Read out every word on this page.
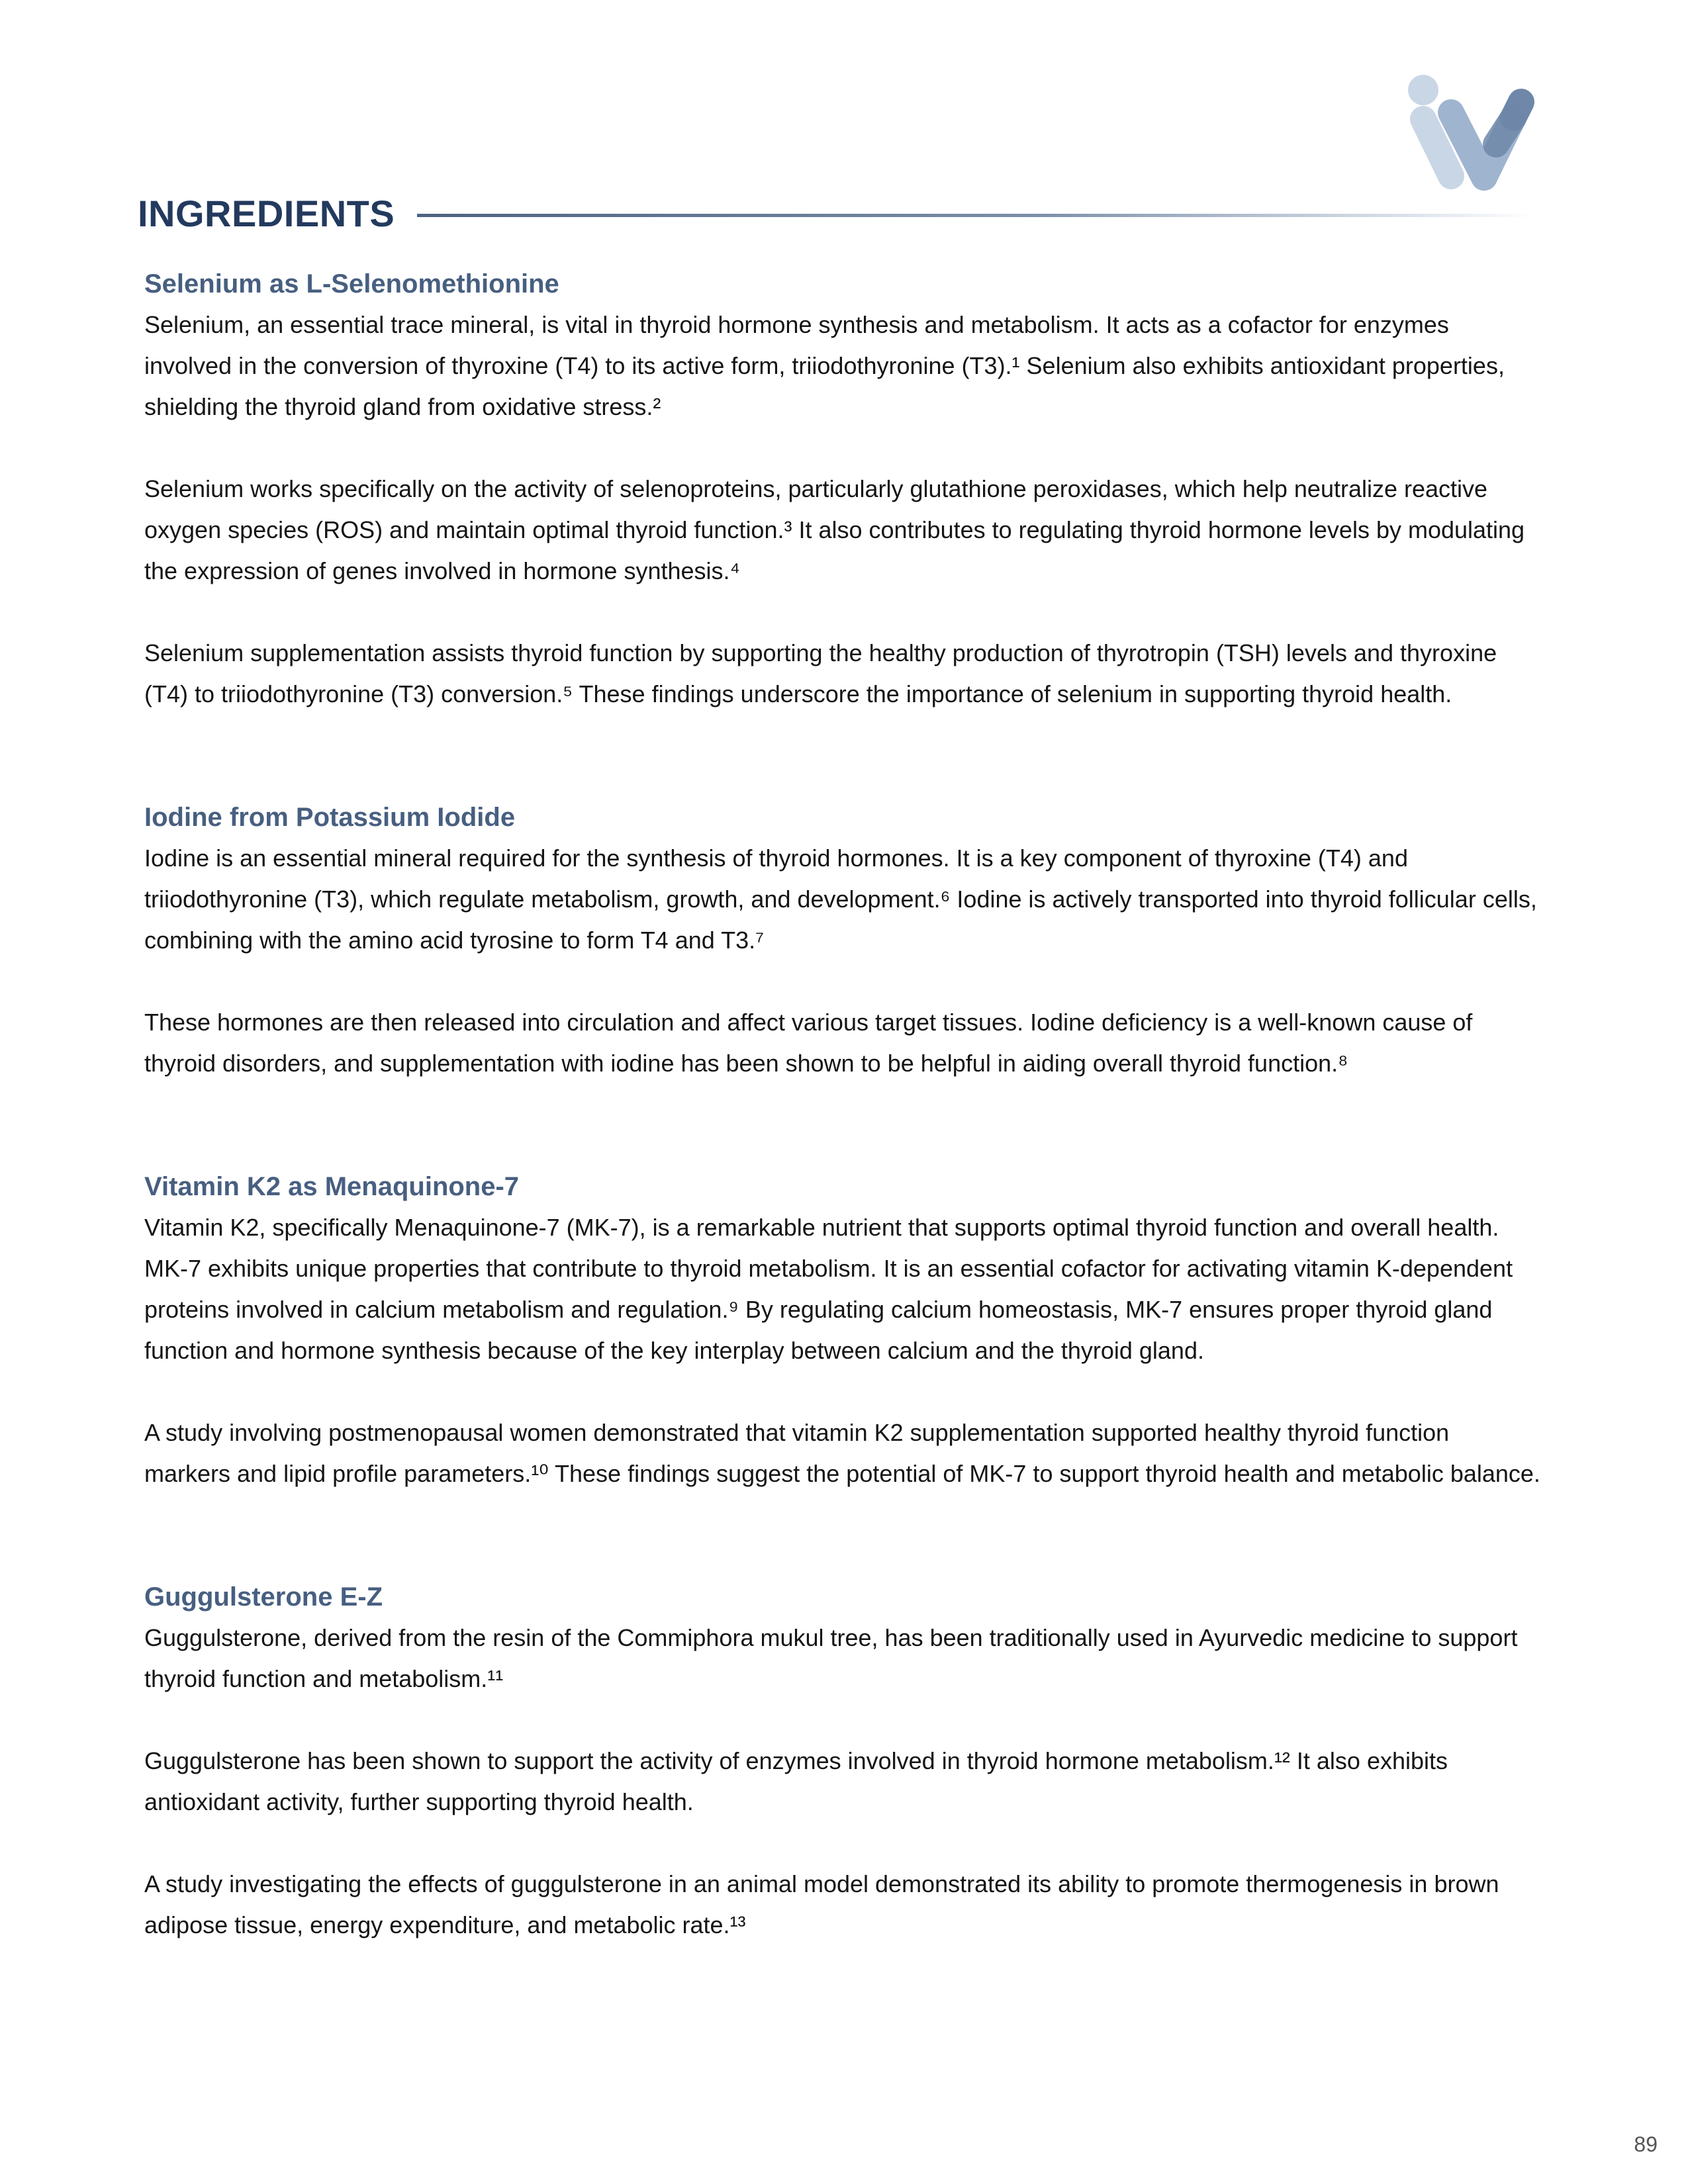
INGREDIENTS
Selenium as L-Selenomethionine

Selenium, an essential trace mineral, is vital in thyroid hormone synthesis and metabolism. It acts as a cofactor for enzymes involved in the conversion of thyroxine (T4) to its active form, triiodothyronine (T3).¹ Selenium also exhibits antioxidant properties, shielding the thyroid gland from oxidative stress.²

Selenium works specifically on the activity of selenoproteins, particularly glutathione peroxidases, which help neutralize reactive oxygen species (ROS) and maintain optimal thyroid function.³ It also contributes to regulating thyroid hormone levels by modulating the expression of genes involved in hormone synthesis.⁴

Selenium supplementation assists thyroid function by supporting the healthy production of thyrotropin (TSH) levels and thyroxine (T4) to triiodothyronine (T3) conversion.⁵ These findings underscore the importance of selenium in supporting thyroid health.

Iodine from Potassium Iodide

Iodine is an essential mineral required for the synthesis of thyroid hormones. It is a key component of thyroxine (T4) and triiodothyronine (T3), which regulate metabolism, growth, and development.⁶ Iodine is actively transported into thyroid follicular cells, combining with the amino acid tyrosine to form T4 and T3.⁷

These hormones are then released into circulation and affect various target tissues. Iodine deficiency is a well-known cause of thyroid disorders, and supplementation with iodine has been shown to be helpful in aiding overall thyroid function.⁸

Vitamin K2 as Menaquinone-7

Vitamin K2, specifically Menaquinone-7 (MK-7), is a remarkable nutrient that supports optimal thyroid function and overall health. MK-7 exhibits unique properties that contribute to thyroid metabolism. It is an essential cofactor for activating vitamin K-dependent proteins involved in calcium metabolism and regulation.⁹ By regulating calcium homeostasis, MK-7 ensures proper thyroid gland function and hormone synthesis because of the key interplay between calcium and the thyroid gland.

A study involving postmenopausal women demonstrated that vitamin K2 supplementation supported healthy thyroid function markers and lipid profile parameters.¹⁰ These findings suggest the potential of MK-7 to support thyroid health and metabolic balance.

Guggulsterone E-Z

Guggulsterone, derived from the resin of the Commiphora mukul tree, has been traditionally used in Ayurvedic medicine to support thyroid function and metabolism.¹¹

Guggulsterone has been shown to support the activity of enzymes involved in thyroid hormone metabolism.¹² It also exhibits antioxidant activity, further supporting thyroid health.

A study investigating the effects of guggulsterone in an animal model demonstrated its ability to promote thermogenesis in brown adipose tissue, energy expenditure, and metabolic rate.¹³

89
